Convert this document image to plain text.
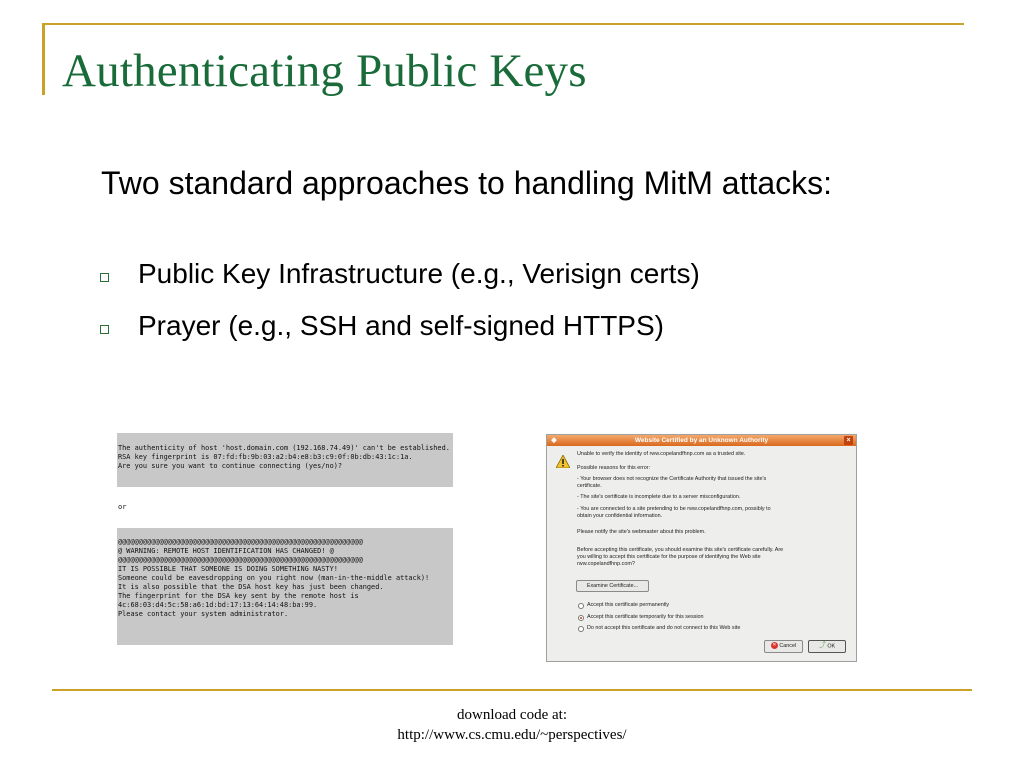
Authenticating Public Keys
Two standard approaches to handling MitM attacks:
Public Key Infrastructure (e.g., Verisign certs)
Prayer (e.g., SSH and self-signed HTTPS)
The authenticity of host 'host.domain.com (192.168.74.49)' can't be established.
RSA key fingerprint is 07:fd:fb:9b:03:a2:b4:e8:b3:c9:0f:0b:db:43:1c:1a.
Are you sure you want to continue connecting (yes/no)?
or
@@@@@@@@@@@@@@@@@@@@@@@@@@@@@@@@@@@@@@@@@@@@@@@@@@@@@@@@@@@
@ WARNING: REMOTE HOST IDENTIFICATION HAS CHANGED! @
@@@@@@@@@@@@@@@@@@@@@@@@@@@@@@@@@@@@@@@@@@@@@@@@@@@@@@@@@@@
IT IS POSSIBLE THAT SOMEONE IS DOING SOMETHING NASTY!
Someone could be eavesdropping on you right now (man-in-the-middle attack)!
It is also possible that the DSA host key has just been changed.
The fingerprint for the DSA key sent by the remote host is
4c:68:03:d4:5c:58:a6:1d:bd:17:13:64:14:48:ba:99.
Please contact your system administrator.
◆	Website Certified by an Unknown Authority	×
Unable to verify the identity of rww.copelandfhnp.com as a trusted site.
Possible reasons for this error:
- Your browser does not recognize the Certificate Authority that issued the site's
certificate.
- The site's certificate is incomplete due to a server misconfiguration.
- You are connected to a site pretending to be rww.copelandfhnp.com, possibly to
obtain your confidential information.
Please notify the site's webmaster about this problem.
Before accepting this certificate, you should examine this site's certificate carefully. Are
you willing to accept this certificate for the purpose of identifying the Web site
rww.copelandfhnp.com?
Examine Certificate...
Accept this certificate permanently
Accept this certificate temporarily for this session
Do not accept this certificate and do not connect to this Web site
✕ Cancel	⤴ OK
download code at:
http://www.cs.cmu.edu/~perspectives/
